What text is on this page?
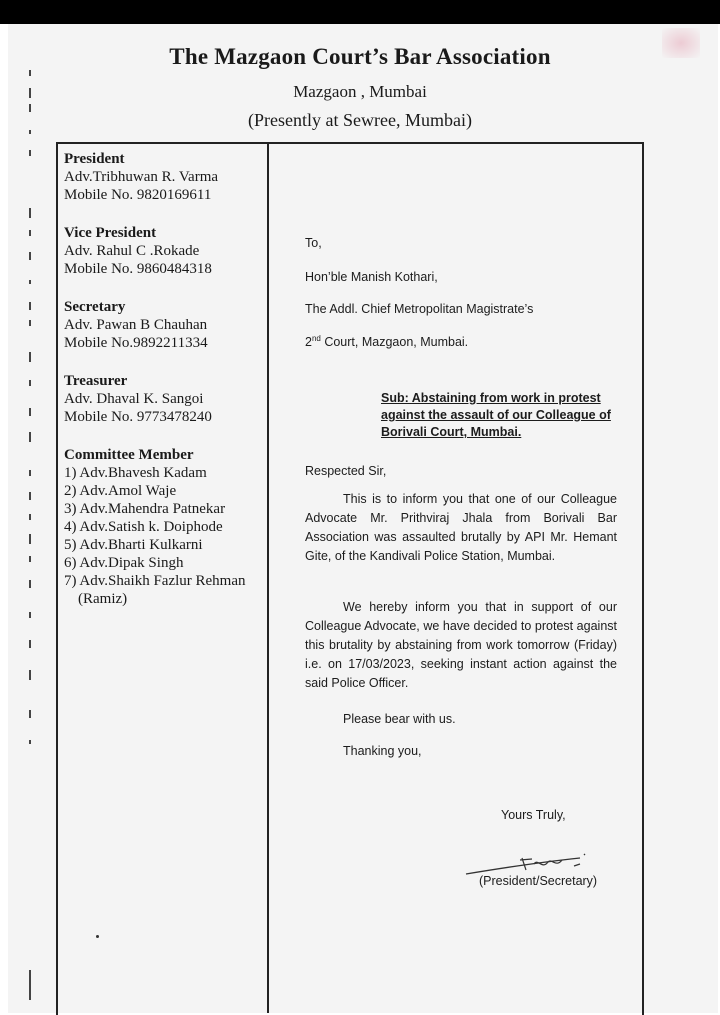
The Mazgaon Court’s Bar Association
Mazgaon , Mumbai
(Presently at Sewree, Mumbai)
President
Adv.Tribhuwan R. Varma
Mobile No. 9820169611
Vice President
Adv. Rahul C .Rokade
Mobile No. 9860484318
Secretary
Adv. Pawan B Chauhan
Mobile No.9892211334
Treasurer
Adv. Dhaval K. Sangoi
Mobile No. 9773478240
Committee Member
1) Adv.Bhavesh Kadam
2) Adv.Amol Waje
3) Adv.Mahendra Patnekar
4) Adv.Satish k. Doiphode
5) Adv.Bharti Kulkarni
6) Adv.Dipak Singh
7) Adv.Shaikh Fazlur Rehman
(Ramiz)
To,
Hon’ble Manish Kothari,
The Addl. Chief Metropolitan Magistrate’s
2nd Court, Mazgaon, Mumbai.
Sub: Abstaining from work in protest against the assault of our Colleague of Borivali Court, Mumbai.
Respected Sir,
This is to inform you that one of our Colleague Advocate Mr. Prithviraj Jhala from Borivali Bar Association was assaulted brutally by API Mr. Hemant Gite, of the Kandivali Police Station, Mumbai.
We hereby inform you that in support of our Colleague Advocate, we have decided to protest against this brutality by abstaining from work tomorrow (Friday) i.e. on 17/03/2023, seeking instant action against the said Police Officer.
Please bear with us.
Thanking you,
Yours Truly,
(President/Secretary)
